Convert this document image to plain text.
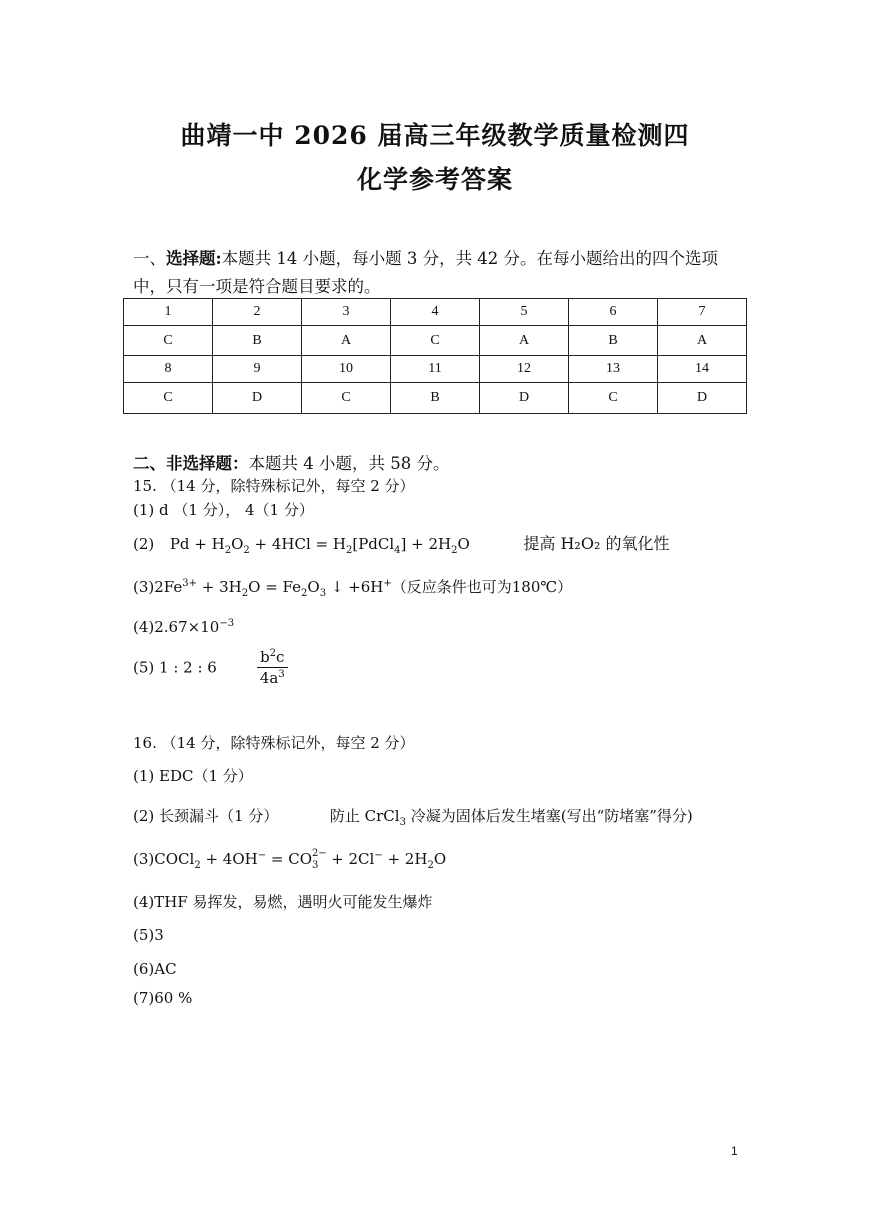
曲靖一中 2026 届高三年级教学质量检测四
化学参考答案
一、选择题:本题共 14 小题，每小题 3 分，共 42 分。在每小题给出的四个选项
中，只有一项是符合题目要求的。
1	2	3	4	5	6	7
C	B	A	C	A	B	A
8	9	10	11	12	13	14
C	D	C	B	D	C	D
二、非选择题：本题共 4 小题，共 58 分。
15. （14 分，除特殊标记外，每空 2 分）
(1) d （1 分）， 4（1 分）
(2) $Pd + H_2O_2 + 4HCl$ = $H_2[PdCl_4] + 2H_2O$	提高 H₂O₂ 的氧化性
$(3)2Fe^{3+} + 3H_2O = Fe_2O_3$ ↓ +6H+（反应条件也可为180℃）
$(4)2.67\times 10^{-3}$
(5) 1 : 2 : 6	$\frac{b^2c}{4a^3}$
16. （14 分，除特殊标记外，每空 2 分）
(1) EDC（1 分）
(2) 长颈漏斗（1 分）	防止 CrCl$_3$ 冷凝为固体后发生堵塞(写出“防堵塞”得分)
(3)COCl$_2$ + 4OH− = CO $_{2- 3} + 2Cl^- + 2H_2O$
(4)THF 易挥发，易燃，遇明火可能发生爆炸
(5)3
(6)AC
(7)60 %
1
